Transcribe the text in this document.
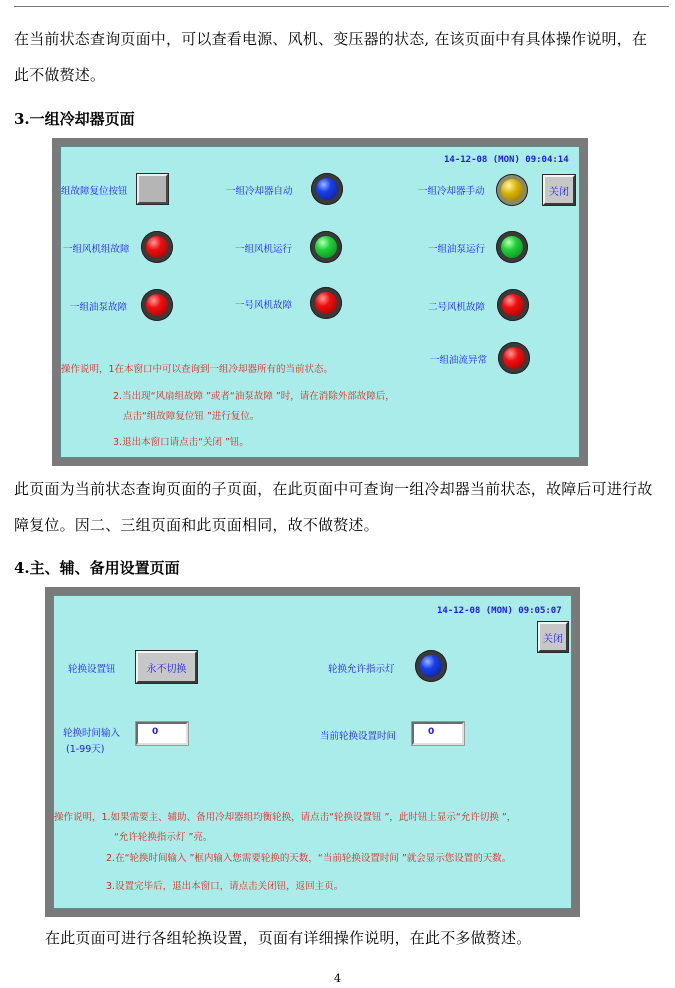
在当前状态查询页面中，可以查看电源、风机、变压器的状态, 在该页面中有具体操作说明，在
此不做赘述。
3.一组冷却器页面
14-12-08 (MON) 09:04:14
组故障复位按钮	一组冷却器自动	一组冷却器手动	关闭
一组风机组故障	一组风机运行	一组油泵运行
一组油泵故障	一号风机故障	二号风机故障
一组油流异常
操作说明，1在本窗口中可以查询到一组冷却器所有的当前状态。
2.当出现“风扇组故障 ”或者“油泵故障 ”时，请在消除外部故障后，
点击“组故障复位钮 ”进行复位。
3.退出本窗口请点击“关闭 ”钮。
此页面为当前状态查询页面的子页面，在此页面中可查询一组冷却器当前状态，故障后可进行故
障复位。因二、三组页面和此页面相同，故不做赘述。
4.主、辅、备用设置页面
14-12-08 (MON) 09:05:07
关闭
轮换设置钮	永不切换	轮换允许指示灯
轮换时间输入
(1-99天)
0	当前轮换设置时间	0
操作说明，1.如果需要主、辅助、备用冷却器组均衡轮换，请点击“轮换设置钮 ”，此时钮上显示“允许切换 ”，
“允许轮换指示灯 ”亮。
2.在“轮换时间输入 ”框内输入您需要轮换的天数，“当前轮换设置时间 ”就会显示您设置的天数。
3.设置完毕后，退出本窗口，请点击关闭钮，返回主页。
在此页面可进行各组轮换设置，页面有详细操作说明，在此不多做赘述。
4
